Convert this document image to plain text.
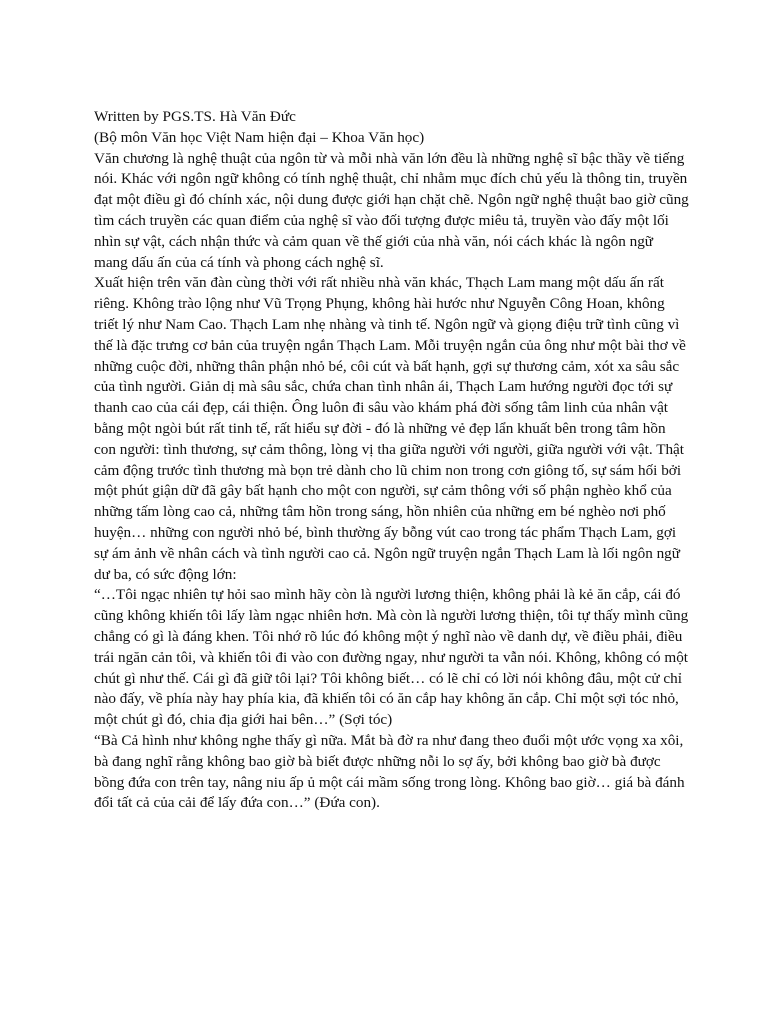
Written by PGS.TS. Hà Văn Đức

(Bộ môn Văn học Việt Nam hiện đại – Khoa Văn học)

Văn chương là nghệ thuật của ngôn từ và mỗi nhà văn lớn đều là những nghệ sĩ bậc thầy về tiếng nói. Khác với ngôn ngữ không có tính nghệ thuật, chỉ nhằm mục đích chủ yếu là thông tin, truyền đạt một điều gì đó chính xác, nội dung được giới hạn chặt chẽ. Ngôn ngữ nghệ thuật bao giờ cũng tìm cách truyền các quan điểm của nghệ sĩ vào đối tượng được miêu tả, truyền vào đấy một lối nhìn sự vật, cách nhận thức và cảm quan về thế giới của nhà văn, nói cách khác là ngôn ngữ mang dấu ấn của cá tính và phong cách nghệ sĩ.

Xuất hiện trên văn đàn cùng thời với rất nhiều nhà văn khác, Thạch Lam mang một dấu ấn rất riêng. Không trào lộng như Vũ Trọng Phụng, không hài hước như Nguyễn Công Hoan, không triết lý như Nam Cao. Thạch Lam nhẹ nhàng và tinh tế. Ngôn ngữ và giọng điệu trữ tình cũng vì thế là đặc trưng cơ bản của truyện ngắn Thạch Lam. Mỗi truyện ngắn của ông như một bài thơ về những cuộc đời, những thân phận nhỏ bé, côi cút và bất hạnh, gợi sự thương cảm, xót xa sâu sắc của tình người. Giản dị mà sâu sắc, chứa chan tình nhân ái, Thạch Lam hướng người đọc tới sự thanh cao của cái đẹp, cái thiện. Ông luôn đi sâu vào khám phá đời sống tâm linh của nhân vật bằng một ngòi bút rất tinh tế, rất hiểu sự đời - đó là những vẻ đẹp lẩn khuất bên trong tâm hồn con người: tình thương, sự cảm thông, lòng vị tha giữa người với người, giữa người với vật. Thật cảm động trước tình thương mà bọn trẻ dành cho lũ chim non trong cơn giông tố, sự sám hối bởi một phút giận dữ đã gây bất hạnh cho một con người, sự cảm thông với số phận nghèo khổ của những tấm lòng cao cả, những tâm hồn trong sáng, hồn nhiên của những em bé nghèo nơi phố huyện… những con người nhỏ bé, bình thường ấy bỗng vút cao trong tác phẩm Thạch Lam, gợi sự ám ảnh về nhân cách và tình người cao cả. Ngôn ngữ truyện ngắn Thạch Lam là lối ngôn ngữ dư ba, có sức động lớn:

“…Tôi ngạc nhiên tự hỏi sao mình hãy còn là người lương thiện, không phải là kẻ ăn cắp, cái đó cũng không khiến tôi lấy làm ngạc nhiên hơn. Mà còn là người lương thiện, tôi tự thấy mình cũng chẳng có gì là đáng khen. Tôi nhớ rõ lúc đó không một ý nghĩ nào về danh dự, về điều phải, điều trái ngăn cản tôi, và khiến tôi đi vào con đường ngay, như người ta vẫn nói. Không, không có một chút gì như thế. Cái gì đã giữ tôi lại? Tôi không biết… có lẽ chỉ có lời nói không đâu, một cử chỉ nào đấy, về phía này hay phía kia, đã khiến tôi có ăn cắp hay không ăn cắp. Chỉ một sợi tóc nhỏ, một chút gì đó, chia địa giới hai bên…” (Sợi tóc)

“Bà Cả hình như không nghe thấy gì nữa. Mắt bà đờ ra như đang theo đuổi một ước vọng xa xôi, bà đang nghĩ rằng không bao giờ bà biết được những nỗi lo sợ ấy, bởi không bao giờ bà được bồng đứa con trên tay, nâng niu ấp ủ một cái mầm sống trong lòng. Không bao giờ… giá bà đánh đổi tất cả của cải để lấy đứa con…” (Đứa con).
